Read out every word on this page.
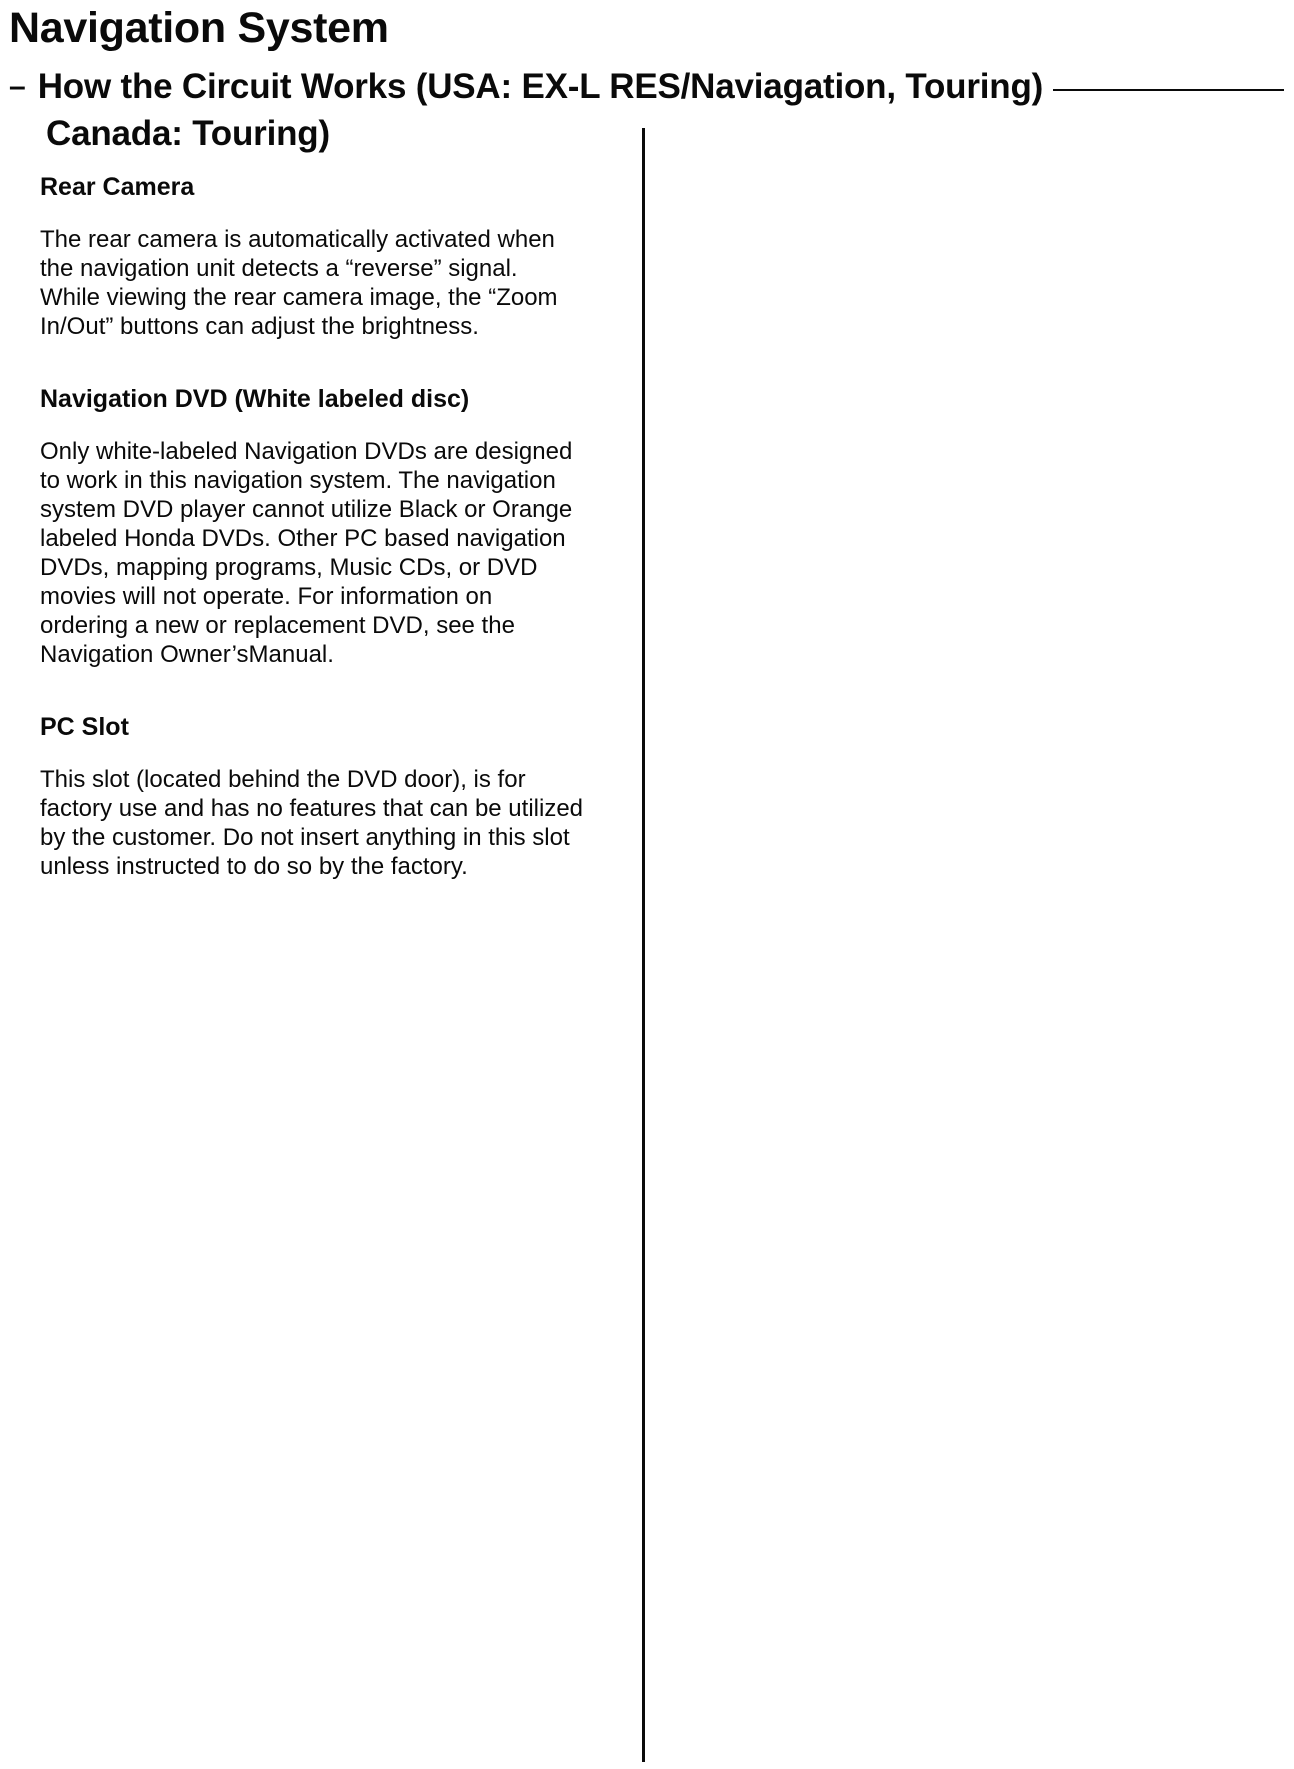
Navigation System
– How the Circuit Works (USA: EX-L RES/Naviagation, Touring)
Canada: Touring)
Rear Camera
The rear camera is automatically activated when
the navigation unit detects a “reverse” signal.
While viewing the rear camera image, the “Zoom
In/Out” buttons can adjust the brightness.
Navigation DVD (White labeled disc)
Only white-labeled Navigation DVDs are designed
to work in this navigation system. The navigation
system DVD player cannot utilize Black or Orange
labeled Honda DVDs. Other PC based navigation
DVDs, mapping programs, Music CDs, or DVD
movies will not operate. For information on
ordering a new or replacement DVD, see the
Navigation Owner’sManual.
PC Slot
This slot (located behind the DVD door), is for
factory use and has no features that can be utilized
by the customer. Do not insert anything in this slot
unless instructed to do so by the factory.
